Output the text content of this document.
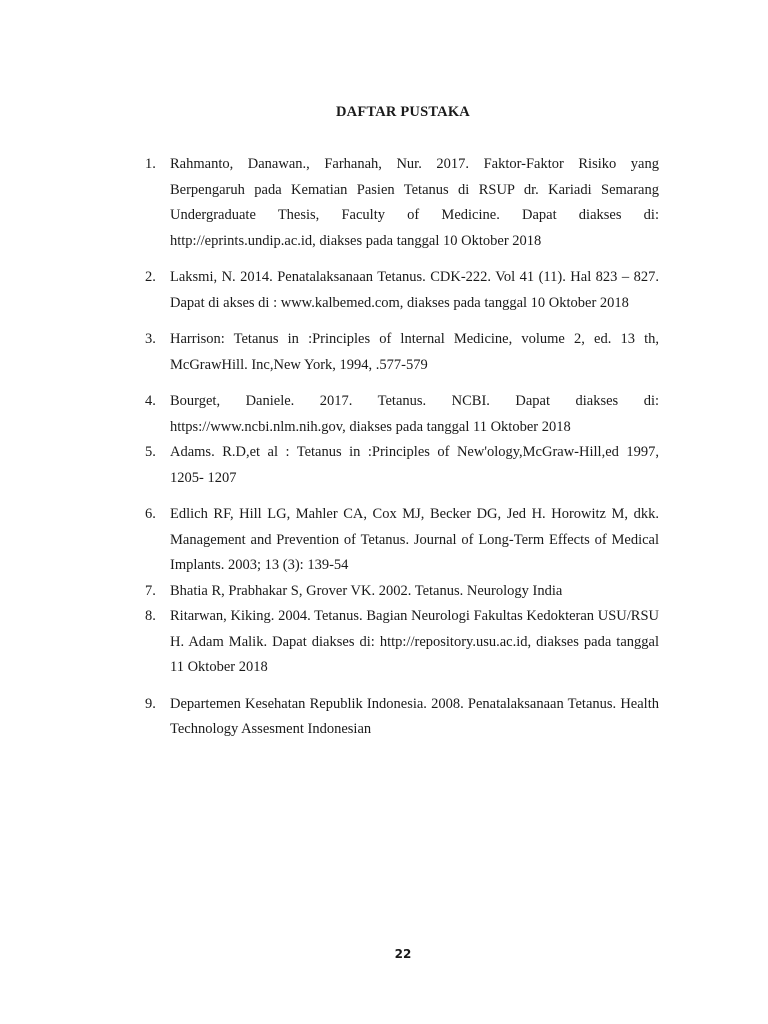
DAFTAR PUSTAKA
1. Rahmanto, Danawan., Farhanah, Nur. 2017. Faktor-Faktor Risiko yang Berpengaruh pada Kematian Pasien Tetanus di RSUP dr. Kariadi Semarang Undergraduate Thesis, Faculty of Medicine. Dapat diakses di: http://eprints.undip.ac.id, diakses pada tanggal 10 Oktober 2018
2. Laksmi, N. 2014. Penatalaksanaan Tetanus. CDK-222. Vol 41 (11). Hal 823 – 827. Dapat di akses di : www.kalbemed.com, diakses pada tanggal 10 Oktober 2018
3. Harrison: Tetanus in :Principles of lnternal Medicine, volume 2, ed. 13 th, McGrawHill. Inc,New York, 1994, .577-579
4. Bourget, Daniele. 2017. Tetanus. NCBI. Dapat diakses di: https://www.ncbi.nlm.nih.gov, diakses pada tanggal 11 Oktober 2018
5. Adams. R.D,et al : Tetanus in :Principles of New'ology,McGraw-Hill,ed 1997, 1205- 1207
6. Edlich RF, Hill LG, Mahler CA, Cox MJ, Becker DG, Jed H. Horowitz M, dkk. Management and Prevention of Tetanus. Journal of Long-Term Effects of Medical Implants. 2003; 13 (3): 139-54
7. Bhatia R, Prabhakar S, Grover VK. 2002. Tetanus. Neurology India
8. Ritarwan, Kiking. 2004. Tetanus. Bagian Neurologi Fakultas Kedokteran USU/RSU H. Adam Malik. Dapat diakses di: http://repository.usu.ac.id, diakses pada tanggal 11 Oktober 2018
9. Departemen Kesehatan Republik Indonesia. 2008. Penatalaksanaan Tetanus. Health Technology Assesment Indonesian
22
